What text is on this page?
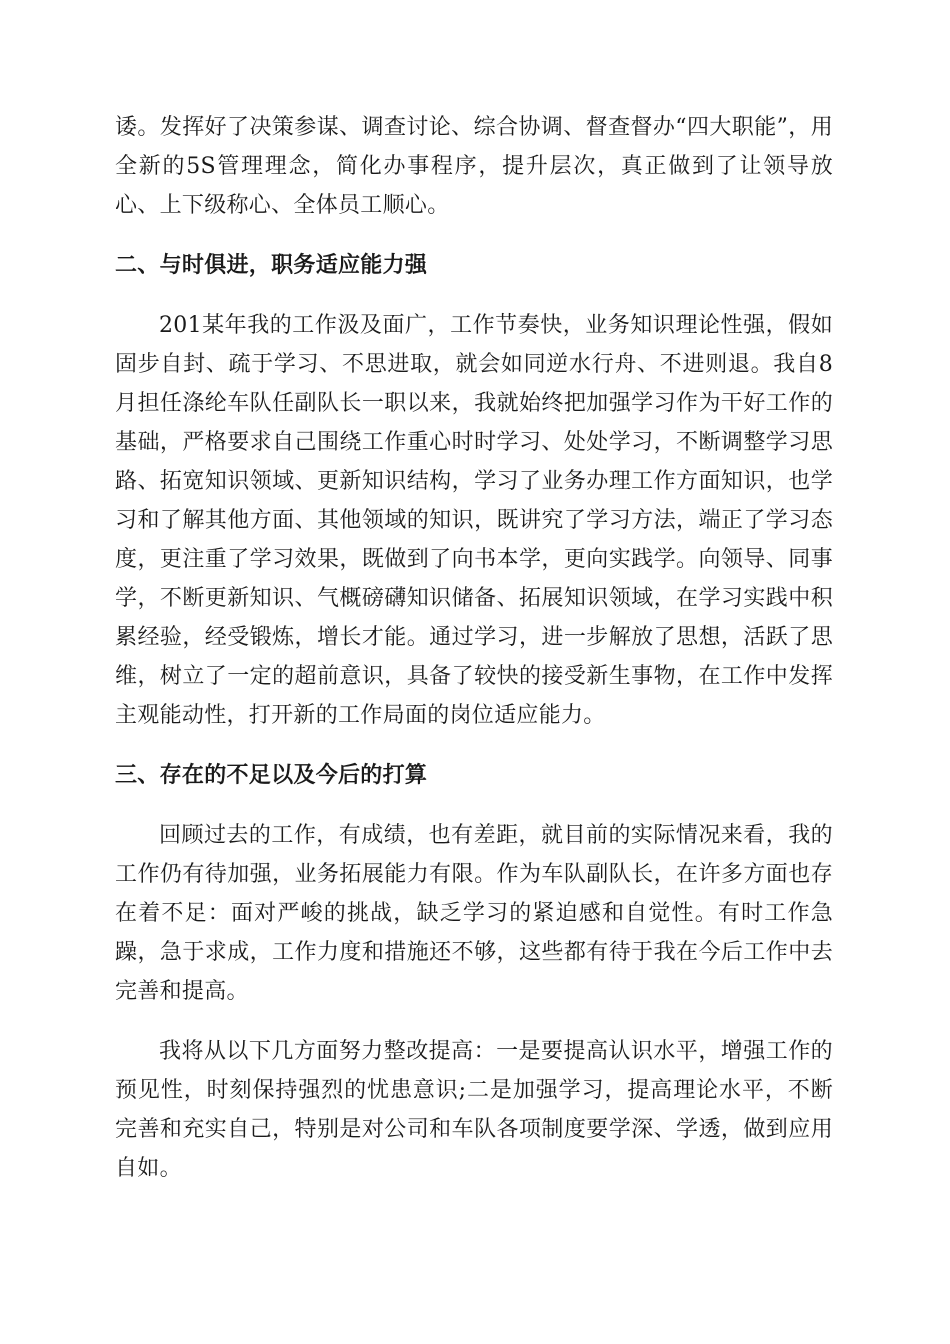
诿。发挥好了决策参谋、调查讨论、综合协调、督查督办“四大职能”，用全新的5S管理理念，简化办事程序，提升层次，真正做到了让领导放心、上下级称心、全体员工顺心。

二、与时俱进，职务适应能力强

201某年我的工作汲及面广，工作节奏快，业务知识理论性强，假如固步自封、疏于学习、不思进取，就会如同逆水行舟、不进则退。我自8月担任涤纶车队任副队长一职以来，我就始终把加强学习作为干好工作的基础，严格要求自己围绕工作重心时时学习、处处学习，不断调整学习思路、拓宽知识领域、更新知识结构，学习了业务办理工作方面知识，也学习和了解其他方面、其他领域的知识，既讲究了学习方法，端正了学习态度，更注重了学习效果，既做到了向书本学，更向实践学。向领导、同事学，不断更新知识、气概磅礴知识储备、拓展知识领域，在学习实践中积累经验，经受锻炼，增长才能。通过学习，进一步解放了思想，活跃了思维，树立了一定的超前意识，具备了较快的接受新生事物，在工作中发挥主观能动性，打开新的工作局面的岗位适应能力。

三、存在的不足以及今后的打算

回顾过去的工作，有成绩，也有差距，就目前的实际情况来看，我的工作仍有待加强，业务拓展能力有限。作为车队副队长，在许多方面也存在着不足：面对严峻的挑战，缺乏学习的紧迫感和自觉性。有时工作急躁，急于求成，工作力度和措施还不够，这些都有待于我在今后工作中去完善和提高。

我将从以下几方面努力整改提高：一是要提高认识水平，增强工作的预见性，时刻保持强烈的忧患意识;二是加强学习，提高理论水平，不断完善和充实自己，特别是对公司和车队各项制度要学深、学透，做到应用自如。
